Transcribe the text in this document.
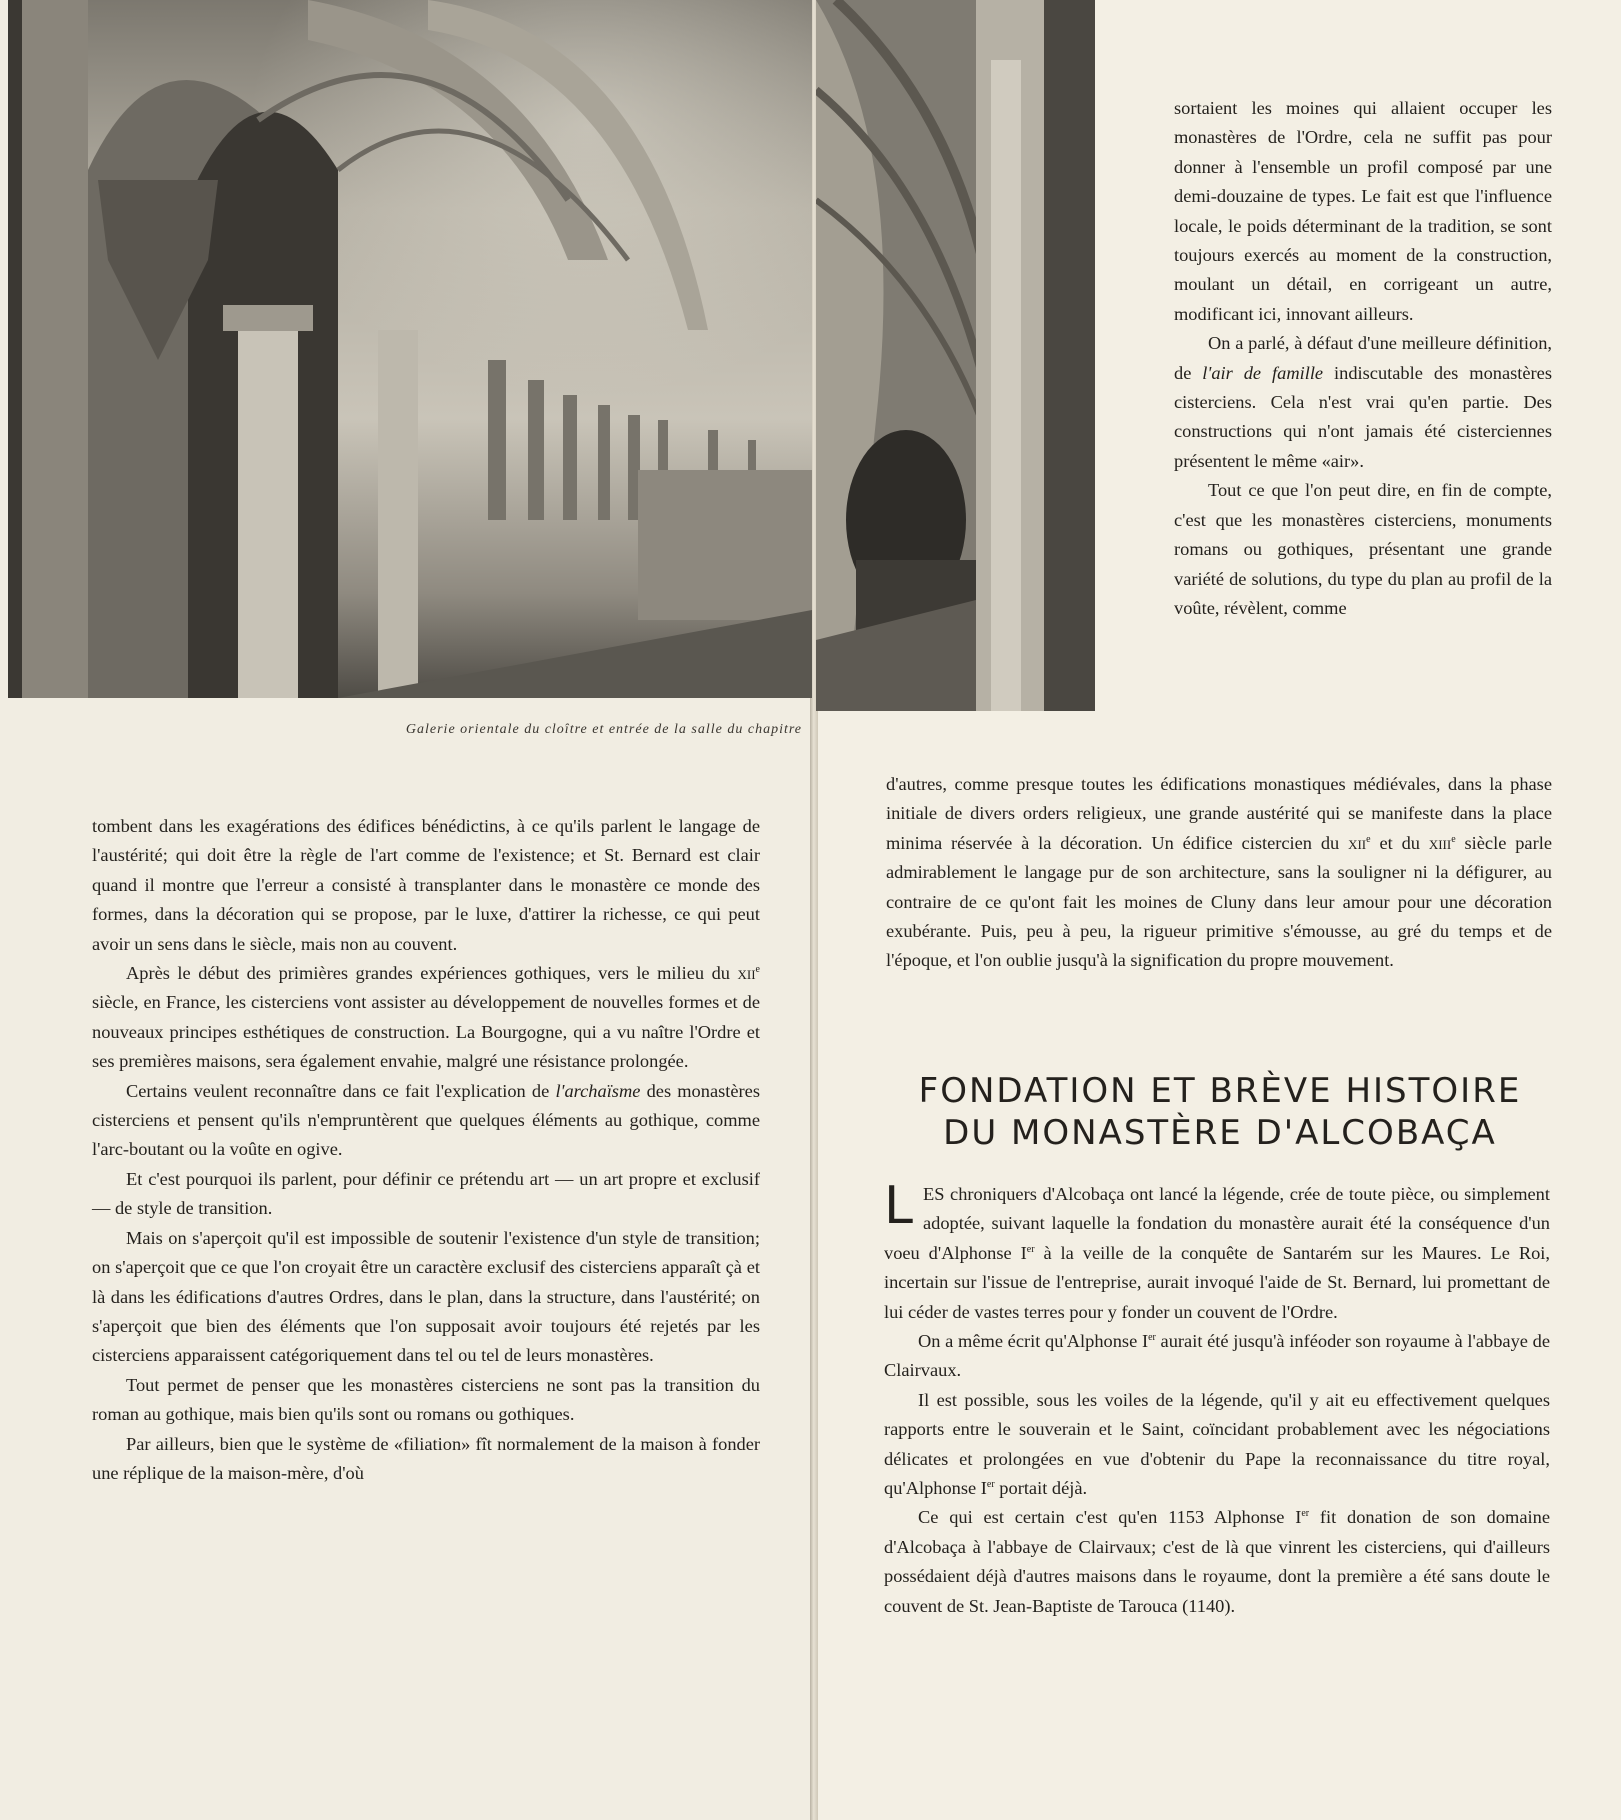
Galerie orientale du cloître et entrée de la salle du chapitre

tombent dans les exagérations des édifices bénédictins, à ce qu'ils parlent le langage de l'austérité; qui doit être la règle de l'art comme de l'existence; et St. Bernard est clair quand il montre que l'erreur a consisté à transplanter dans le monastère ce monde des formes, dans la décoration qui se propose, par le luxe, d'attirer la richesse, ce qui peut avoir un sens dans le siècle, mais non au couvent.

Après le début des primières grandes expériences gothiques, vers le milieu du xii$^e$ siècle, en France, les cisterciens vont assister au développement de nouvelles formes et de nouveaux principes esthétiques de construction. La Bourgogne, qui a vu naître l'Ordre et ses premières maisons, sera également envahie, malgré une résistance prolongée.

Certains veulent reconnaître dans ce fait l'explication de l'archaïsme des monastères cisterciens et pensent qu'ils n'empruntèrent que quelques éléments au gothique, comme l'arc-boutant ou la voûte en ogive.

Et c'est pourquoi ils parlent, pour définir ce prétendu art — un art propre et exclusif — de style de transition.

Mais on s'aperçoit qu'il est impossible de soutenir l'existence d'un style de transition; on s'aperçoit que ce que l'on croyait être un caractère exclusif des cisterciens apparaît çà et là dans les édifications d'autres Ordres, dans le plan, dans la structure, dans l'austérité; on s'aperçoit que bien des éléments que l'on supposait avoir toujours été rejetés par les cisterciens apparaissent catégoriquement dans tel ou tel de leurs monastères.

Tout permet de penser que les monastères cisterciens ne sont pas la transition du roman au gothique, mais bien qu'ils sont ou romans ou gothiques.

Par ailleurs, bien que le système de «filiation» fît normalement de la maison à fonder une réplique de la maison-mère, d'où

sortaient les moines qui allaient occuper les monastères de l'Ordre, cela ne suffit pas pour donner à l'ensemble un profil composé par une demi-douzaine de types. Le fait est que l'influence locale, le poids déterminant de la tradition, se sont toujours exercés au moment de la construction, moulant un détail, en corrigeant un autre, modificant ici, innovant ailleurs.

On a parlé, à défaut d'une meilleure définition, de l'air de famille indiscutable des monastères cisterciens. Cela n'est vrai qu'en partie. Des constructions qui n'ont jamais été cisterciennes présentent le même «air».

Tout ce que l'on peut dire, en fin de compte, c'est que les monastères cisterciens, monuments romans ou gothiques, présentant une grande variété de solutions, du type du plan au profil de la voûte, révèlent, comme

d'autres, comme presque toutes les édifications monastiques médiévales, dans la phase initiale de divers orders religieux, une grande austérité qui se manifeste dans la place minima réservée à la décoration. Un édifice cistercien du xii$^e$ et du xiii$^e$ siècle parle admirablement le langage pur de son architecture, sans la souligner ni la défigurer, au contraire de ce qu'ont fait les moines de Cluny dans leur amour pour une décoration exubérante. Puis, peu à peu, la rigueur primitive s'émousse, au gré du temps et de l'époque, et l'on oublie jusqu'à la signification du propre mouvement.

FONDATION ET BRÈVE HISTOIRE
DU MONASTÈRE D'ALCOBAÇA

LES chroniquers d'Alcobaça ont lancé la légende, crée de toute pièce, ou simplement adoptée, suivant laquelle la fondation du monastère aurait été la conséquence d'un voeu d'Alphonse Ier à la veille de la conquête de Santarém sur les Maures. Le Roi, incertain sur l'issue de l'entreprise, aurait invoqué l'aide de St. Bernard, lui promettant de lui céder de vastes terres pour y fonder un couvent de l'Ordre.

On a même écrit qu'Alphonse Ier aurait été jusqu'à inféoder son royaume à l'abbaye de Clairvaux.

Il est possible, sous les voiles de la légende, qu'il y ait eu effectivement quelques rapports entre le souverain et le Saint, coïncidant probablement avec les négociations délicates et prolongées en vue d'obtenir du Pape la reconnaissance du titre royal, qu'Alphonse Ier portait déjà.

Ce qui est certain c'est qu'en 1153 Alphonse Ier fit donation de son domaine d'Alcobaça à l'abbaye de Clairvaux; c'est de là que vinrent les cisterciens, qui d'ailleurs possédaient déjà d'autres maisons dans le royaume, dont la première a été sans doute le couvent de St. Jean-Baptiste de Tarouca (1140).
